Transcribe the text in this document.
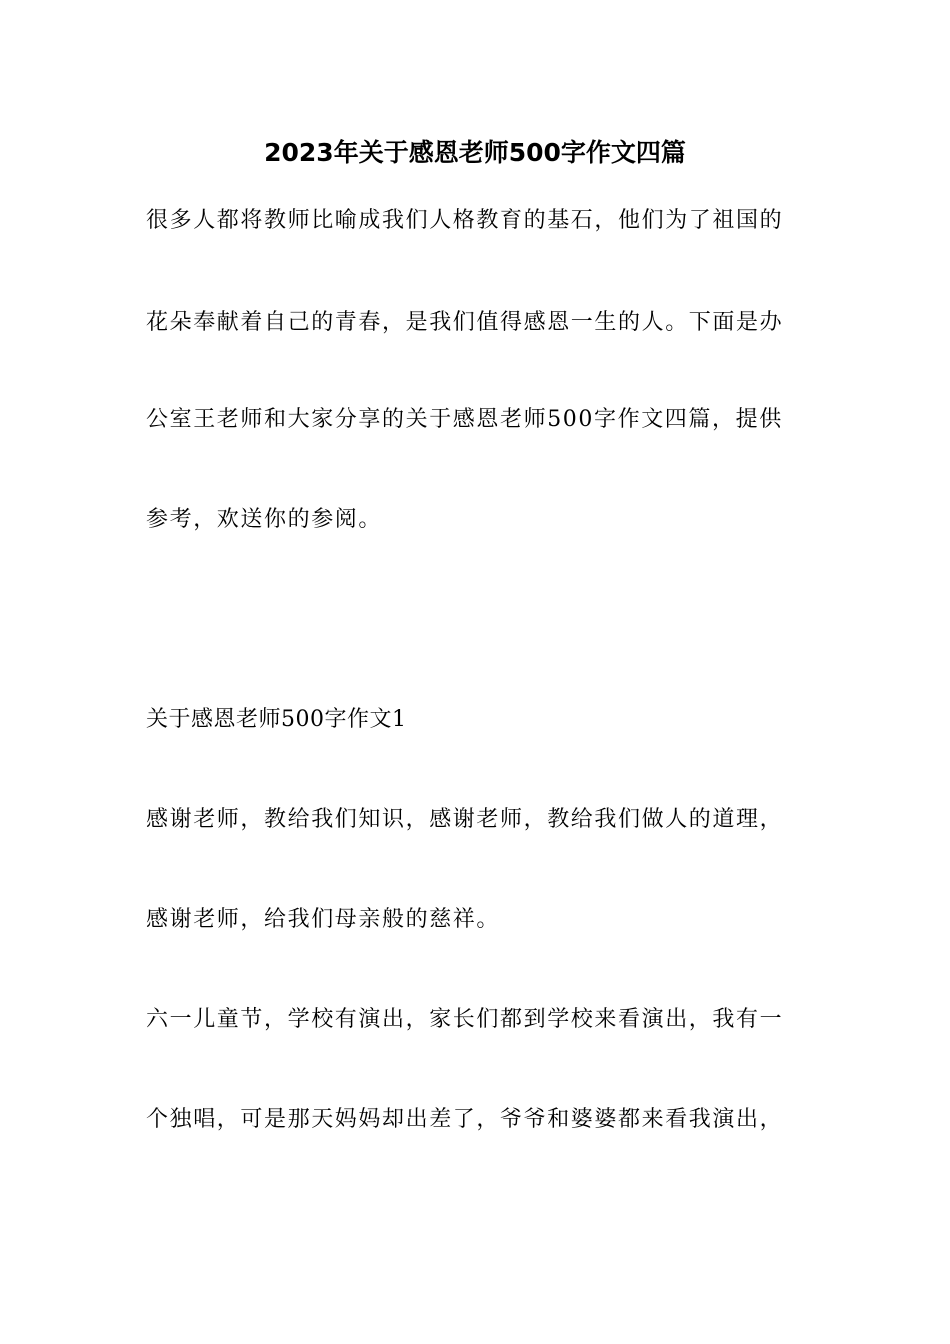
2023年关于感恩老师500字作文四篇
很多人都将教师比喻成我们人格教育的基石，他们为了祖国的
花朵奉献着自己的青春，是我们值得感恩一生的人。下面是办
公室王老师和大家分享的关于感恩老师500字作文四篇，提供
参考，欢送你的参阅。
关于感恩老师500字作文1
感谢老师，教给我们知识，感谢老师，教给我们做人的道理，
感谢老师，给我们母亲般的慈祥。
六一儿童节，学校有演出，家长们都到学校来看演出，我有一
个独唱，可是那天妈妈却出差了，爷爷和婆婆都来看我演出，
